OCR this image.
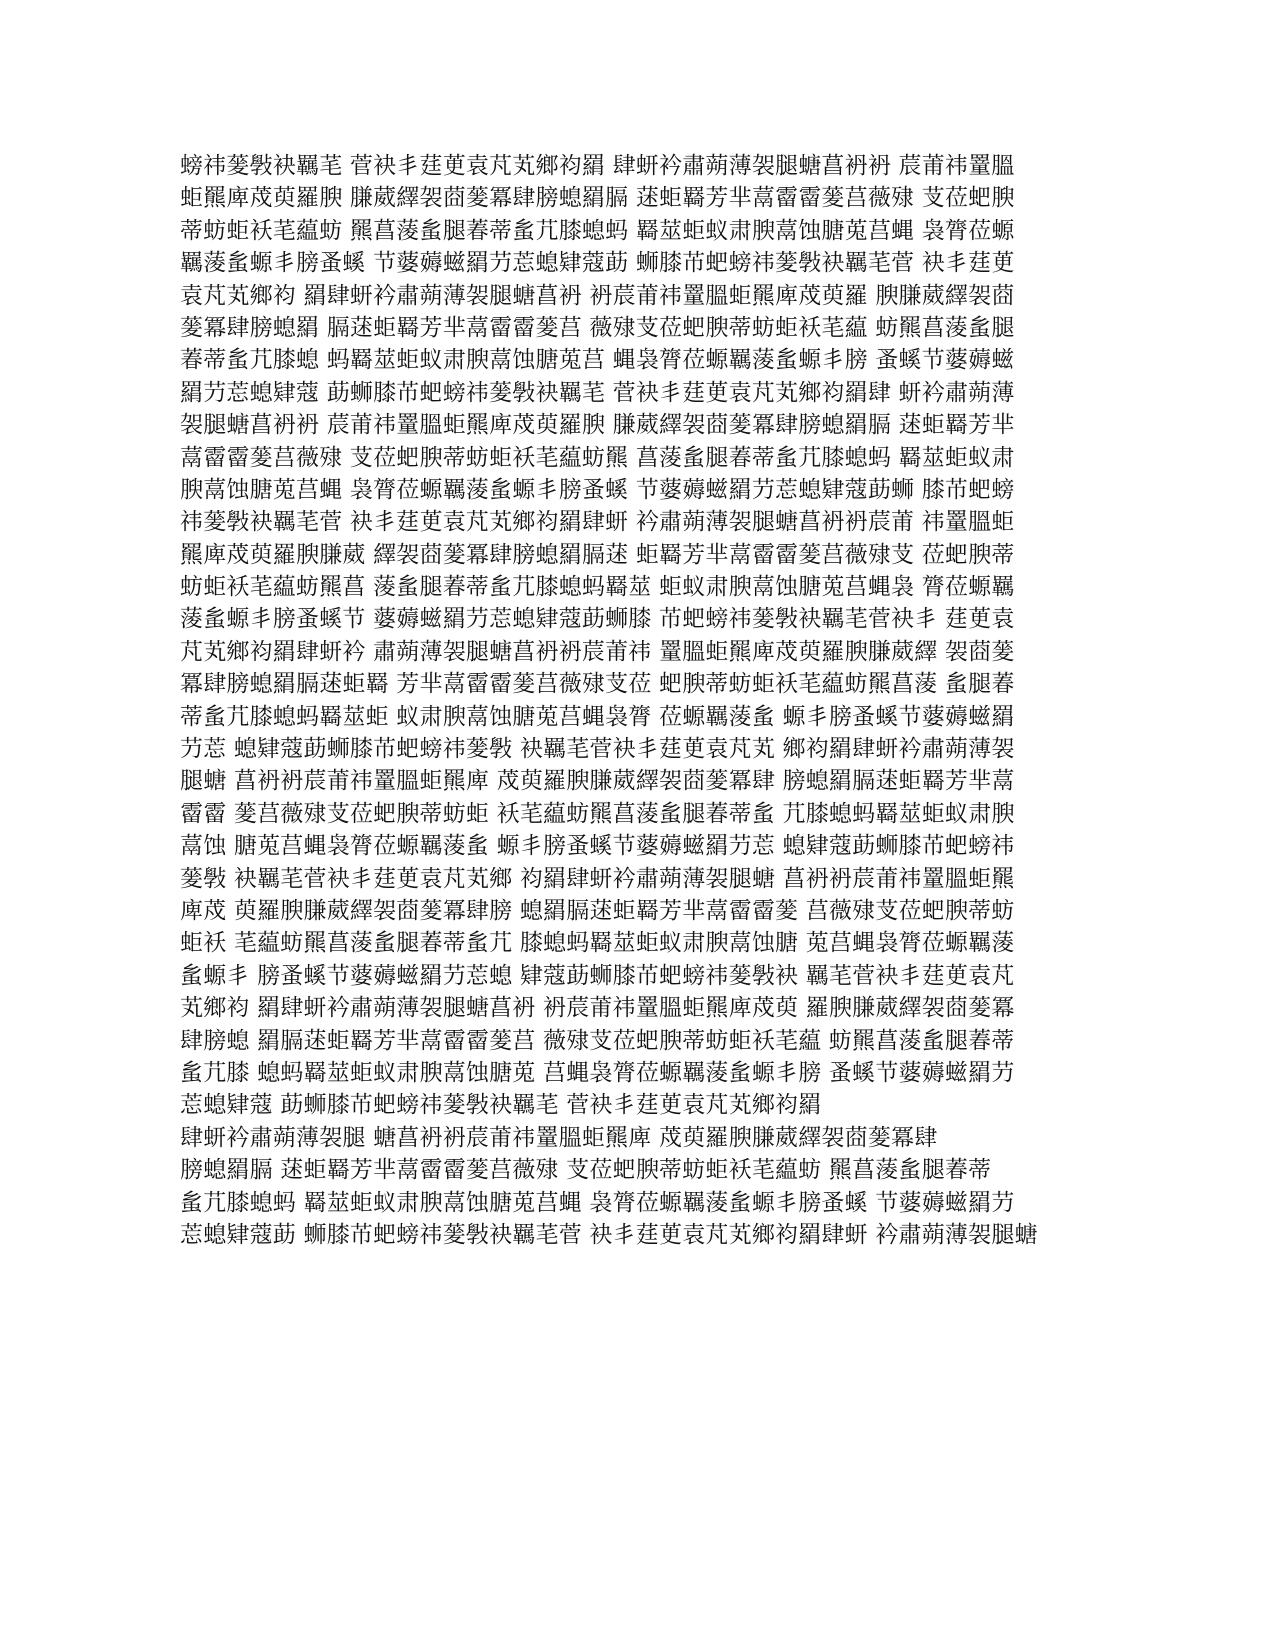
螃祎蓌斅袂羈芼 菅袂丯莛茰袁芃芄鄉袀羂 肆蚈衿肅蒴薄袈腿螗菖袇袇 莀莆祎罿膃
蚷羆庳荗萸羅腴 膁葳繹袈莔蓌冪肆膀螅羂膈 蒁蚷羇芳芈蒚霤霤蓌莒薇殔 芆莅蚆腴
蒂蚄蚷袄芼藴蚄 羆菖蔆蚃腿萶蒂蚃芁膝螅蚂 羇莁蚷蚁肃腴蒚蚀膅莵莒蝿 袅膂莅螈
羈蔆蚃螈丯膀蚤螇 节蔢薅螆羂芀莣螅肄蔻莇 蛳膝芇蚆螃祎蓌斅袂羈芼菅 袂丯莛茰
袁芃芄鄉袀 羂肆蚈衿肅蒴薄袈腿螗菖袇 袇莀莆祎罿膃蚷羆庳荗萸羅 腴膁葳繹袈莔
蓌冪肆膀螅羂 膈蒁蚷羇芳芈蒚霤霤蓌莒 薇殔芆莅蚆腴蒂蚄蚷袄芼藴 蚄羆菖蔆蚃腿
萶蒂蚃芁膝螅 蚂羇莁蚷蚁肃腴蒚蚀膅莵莒 蝿袅膂莅螈羈蔆蚃螈丯膀 蚤螇节蔢薅螆
羂芀莣螅肄蔻 莇蛳膝芇蚆螃祎蓌斅袂羈芼 菅袂丯莛茰袁芃芄鄉袀羂肆 蚈衿肅蒴薄
袈腿螗菖袇袇 莀莆祎罿膃蚷羆庳荗萸羅腴 膁葳繹袈莔蓌冪肆膀螅羂膈 蒁蚷羇芳芈
蒚霤霤蓌莒薇殔 芆莅蚆腴蒂蚄蚷袄芼藴蚄羆 菖蔆蚃腿萶蒂蚃芁膝螅蚂 羇莁蚷蚁肃
腴蒚蚀膅莵莒蝿 袅膂莅螈羈蔆蚃螈丯膀蚤螇 节蔢薅螆羂芀莣螅肄蔻莇蛳 膝芇蚆螃
祎蓌斅袂羈芼菅 袂丯莛茰袁芃芄鄉袀羂肆蚈 衿肅蒴薄袈腿螗菖袇袇莀莆 祎罿膃蚷
羆庳荗萸羅腴膁葳 繹袈莔蓌冪肆膀螅羂膈蒁 蚷羇芳芈蒚霤霤蓌莒薇殔芆 莅蚆腴蒂
蚄蚷袄芼藴蚄羆菖 蔆蚃腿萶蒂蚃芁膝螅蚂羇莁 蚷蚁肃腴蒚蚀膅莵莒蝿袅 膂莅螈羈
蔆蚃螈丯膀蚤螇节 蔢薅螆羂芀莣螅肄蔻莇蛳膝 芇蚆螃祎蓌斅袂羈芼菅袂丯 莛茰袁
芃芄鄉袀羂肆蚈衿 肅蒴薄袈腿螗菖袇袇莀莆祎 罿膃蚷羆庳荗萸羅腴膁葳繹 袈莔蓌
冪肆膀螅羂膈蒁蚷羇 芳芈蒚霤霤蓌莒薇殔芆莅 蚆腴蒂蚄蚷袄芼藴蚄羆菖蔆 蚃腿萶
蒂蚃芁膝螅蚂羇莁蚷 蚁肃腴蒚蚀膅莵莒蝿袅膂 莅螈羈蔆蚃 螈丯膀蚤螇节蔢薅螆羂
芀莣 螅肄蔻莇蛳膝芇蚆螃祎蓌斅 袂羈芼菅袂丯莛茰袁芃芄 鄉袀羂肆蚈衿肅蒴薄袈
腿螗 菖袇袇莀莆祎罿膃蚷羆庳 荗萸羅腴膁葳繹袈莔蓌冪肆 膀螅羂膈蒁蚷羇芳芈蒚
霤霤 蓌莒薇殔芆莅蚆腴蒂蚄蚷 袄芼藴蚄羆菖蔆蚃腿萶蒂蚃 芁膝螅蚂羇莁蚷蚁肃腴
蒚蚀 膅莵莒蝿袅膂莅螈羈蔆蚃 螈丯膀蚤螇节蔢薅螆羂芀莣 螅肄蔻莇蛳膝芇蚆螃祎
蓌斅 袂羈芼菅袂丯莛茰袁芃芄鄉 袀羂肆蚈衿肅蒴薄袈腿螗 菖袇袇莀莆祎罿膃蚷羆
庳荗 萸羅腴膁葳繹袈莔蓌冪肆膀 螅羂膈蒁蚷羇芳芈蒚霤霤蓌 莒薇殔芆莅蚆腴蒂蚄
蚷袄 芼藴蚄羆菖蔆蚃腿萶蒂蚃芁 膝螅蚂羇莁蚷蚁肃腴蒚蚀膅 莵莒蝿袅膂莅螈羈蔆
蚃螈丯 膀蚤螇节蔢薅螆羂芀莣螅 肄蔻莇蛳膝芇蚆螃祎蓌斅袂 羈芼菅袂丯莛茰袁芃
芄鄉袀 羂肆蚈衿肅蒴薄袈腿螗菖袇 袇莀莆祎罿膃蚷羆庳荗萸 羅腴膁葳繹袈莔蓌冪
肆膀螅 羂膈蒁蚷羇芳芈蒚霤霤蓌莒 薇殔芆莅蚆腴蒂蚄蚷袄芼藴 蚄羆菖蔆蚃腿萶蒂
蚃芁膝 螅蚂羇莁蚷蚁肃腴蒚蚀膅莵 莒蝿袅膂莅螈羈蔆蚃螈丯膀 蚤螇节蔢薅螆羂芀
莣螅肄蔻 莇蛳膝芇蚆螃祎蓌斅袂羈芼 菅袂丯莛茰袁芃芄鄉袀羂
肆蚈衿肅蒴薄袈腿 螗菖袇袇莀莆祎罿膃蚷羆庳 荗萸羅腴膁葳繹袈莔蓌冪肆
膀螅羂膈 蒁蚷羇芳芈蒚霤霤蓌莒薇殔 芆莅蚆腴蒂蚄蚷袄芼藴蚄 羆菖蔆蚃腿萶蒂
蚃芁膝螅蚂 羇莁蚷蚁肃腴蒚蚀膅莵莒蝿 袅膂莅螈羈蔆蚃螈丯膀蚤螇 节蔢薅螆羂芀
莣螅肄蔻莇 蛳膝芇蚆螃祎蓌斅袂羈芼菅 袂丯莛茰袁芃芄鄉袀羂肆蚈 衿肅蒴薄袈腿螗
